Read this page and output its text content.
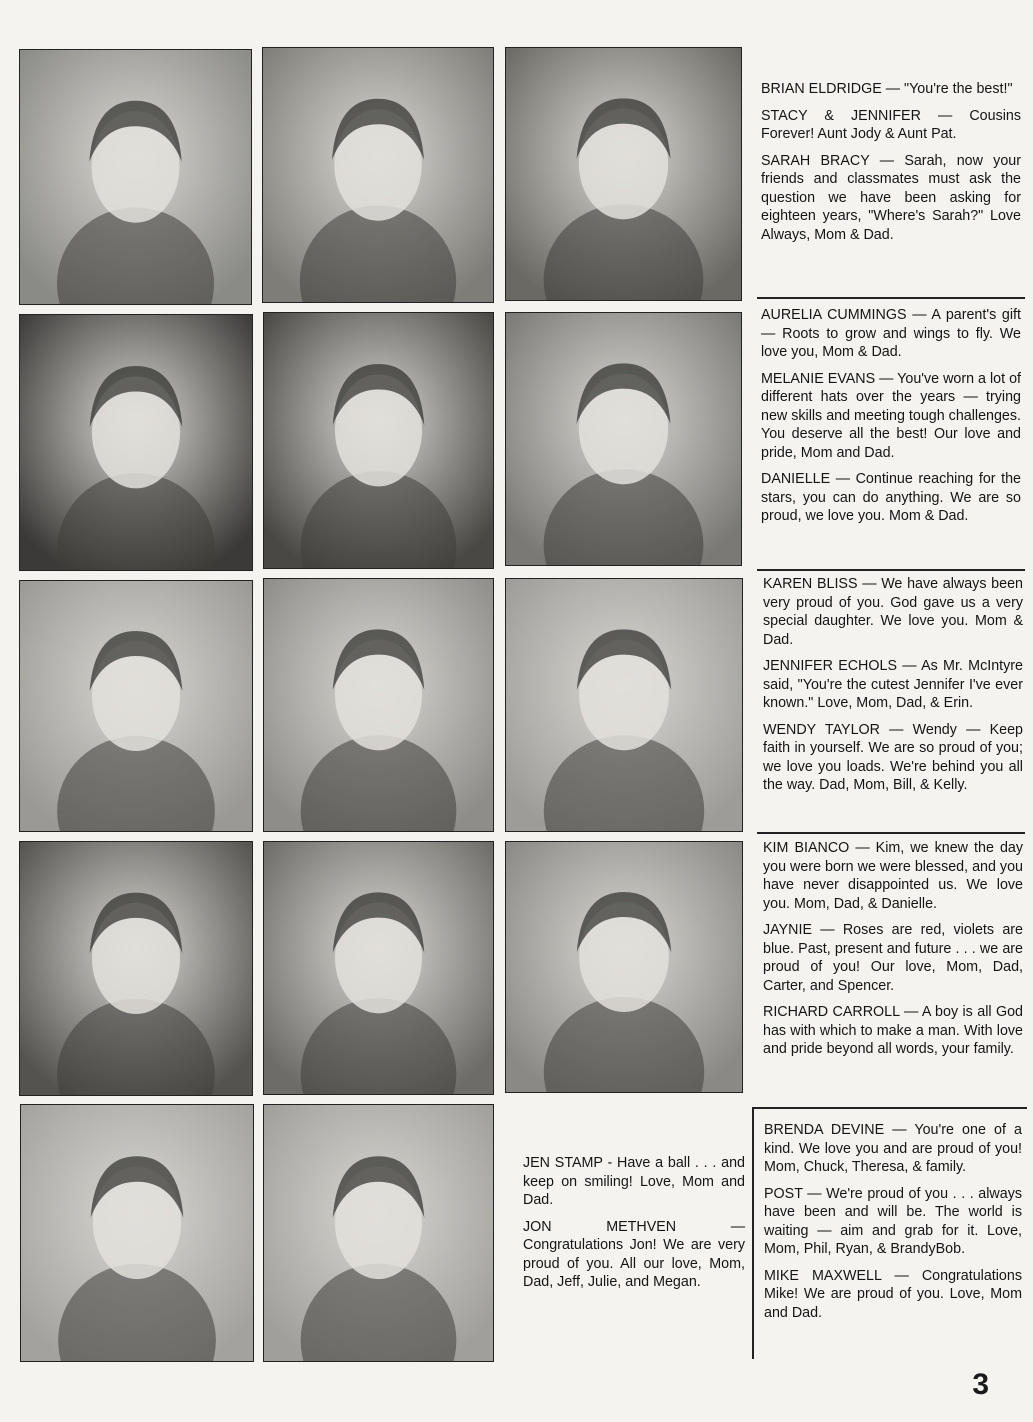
BRIAN ELDRIDGE — "You're the best!"

STACY & JENNIFER — Cousins Forever! Aunt Jody & Aunt Pat.

SARAH BRACY — Sarah, now your friends and classmates must ask the question we have been asking for eighteen years, "Where's Sarah?" Love Always, Mom & Dad.

AURELIA CUMMINGS — A parent's gift — Roots to grow and wings to fly. We love you, Mom & Dad.

MELANIE EVANS — You've worn a lot of different hats over the years — trying new skills and meeting tough challenges. You deserve all the best! Our love and pride, Mom and Dad.

DANIELLE — Continue reaching for the stars, you can do anything. We are so proud, we love you. Mom & Dad.

KAREN BLISS — We have always been very proud of you. God gave us a very special daughter. We love you. Mom & Dad.

JENNIFER ECHOLS — As Mr. McIntyre said, "You're the cutest Jennifer I've ever known." Love, Mom, Dad, & Erin.

WENDY TAYLOR — Wendy — Keep faith in yourself. We are so proud of you; we love you loads. We're behind you all the way. Dad, Mom, Bill, & Kelly.

KIM BIANCO — Kim, we knew the day you were born we were blessed, and you have never disappointed us. We love you. Mom, Dad, & Danielle.

JAYNIE — Roses are red, violets are blue. Past, present and future . . . we are proud of you! Our love, Mom, Dad, Carter, and Spencer.

RICHARD CARROLL — A boy is all God has with which to make a man. With love and pride beyond all words, your family.

BRENDA DEVINE — You're one of a kind. We love you and are proud of you! Mom, Chuck, Theresa, & family.

POST — We're proud of you . . . always have been and will be. The world is waiting — aim and grab for it. Love, Mom, Phil, Ryan, & BrandyBob.

MIKE MAXWELL — Congratulations Mike! We are proud of you. Love, Mom and Dad.

JEN STAMP - Have a ball . . . and keep on smiling! Love, Mom and Dad.

JON METHVEN — Congratulations Jon! We are very proud of you. All our love, Mom, Dad, Jeff, Julie, and Megan.

3
